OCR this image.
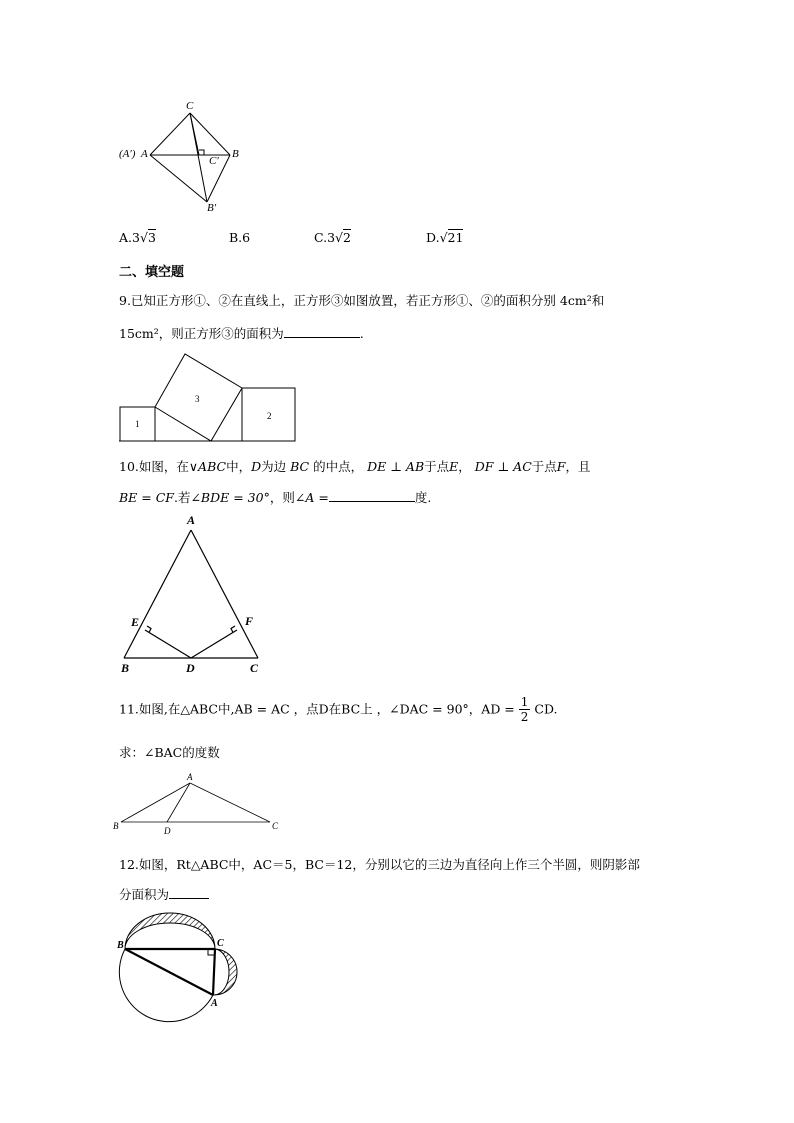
C
(A′) A	B
C′
B′
A.3√3	B.6	C.3√2	D.√21
二、填空题
9.已知正方形①、②在直线上，正方形③如图放置，若正方形①、②的面积分别 4cm²和
15cm²，则正方形③的面积为	.
1
2
3
10.如图，在∨ABC中，D为边 BC 的中点， DE ⊥ AB于点E， DF ⊥ AC于点F，且
BE = CF.若∠BDE = 30°，则∠A =	度.
A
E	F
B	D	C
11.如图,在△ABC中,AB = AC ，点D在BC上 ，∠DAC = 90°，AD = $\frac{1}{2}$ CD.
求：∠BAC的度数
A
B	D	C
12.如图，Rt△ABC中，AC＝5，BC＝12，分别以它的三边为直径向上作三个半圆，则阴影部
分面积为
B	C
A
